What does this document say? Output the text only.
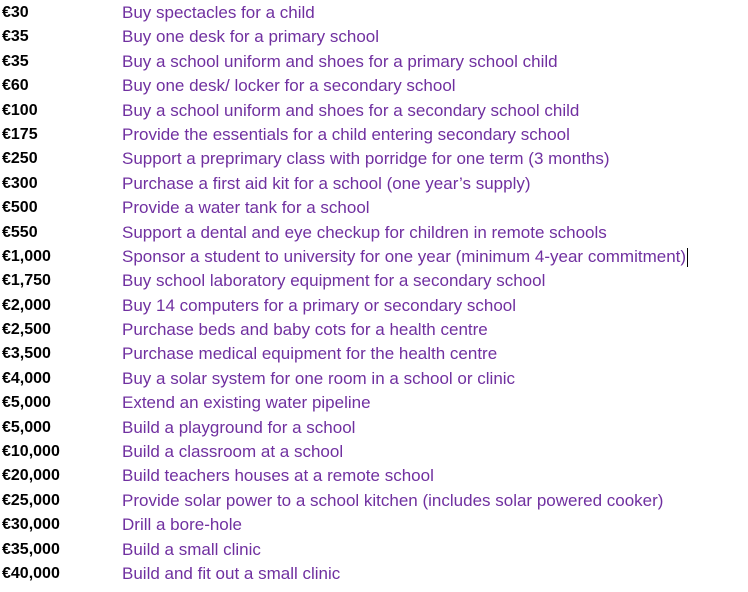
€30	Buy spectacles for a child
€35	Buy one desk for a primary school
€35	Buy a school uniform and shoes for a primary school child
€60	Buy one desk/ locker for a secondary school
€100	Buy a school uniform and shoes for a secondary school child
€175	Provide the essentials for a child entering secondary school
€250	Support a preprimary class with porridge for one term (3 months)
€300	Purchase a first aid kit for a school (one year’s supply)
€500	Provide a water tank for a school
€550	Support a dental and eye checkup for children in remote schools
€1,000	Sponsor a student to university for one year (minimum 4-year commitment)
€1,750	Buy school laboratory equipment for a secondary school
€2,000	Buy 14 computers for a primary or secondary school
€2,500	Purchase beds and baby cots for a health centre
€3,500	Purchase medical equipment for the health centre
€4,000	Buy a solar system for one room in a school or clinic
€5,000	Extend an existing water pipeline
€5,000	Build a playground for a school
€10,000	Build a classroom at a school
€20,000	Build teachers houses at a remote school
€25,000	Provide solar power to a school kitchen (includes solar powered cooker)
€30,000	Drill a bore-hole
€35,000	Build a small clinic
€40,000	Build and fit out a small clinic
